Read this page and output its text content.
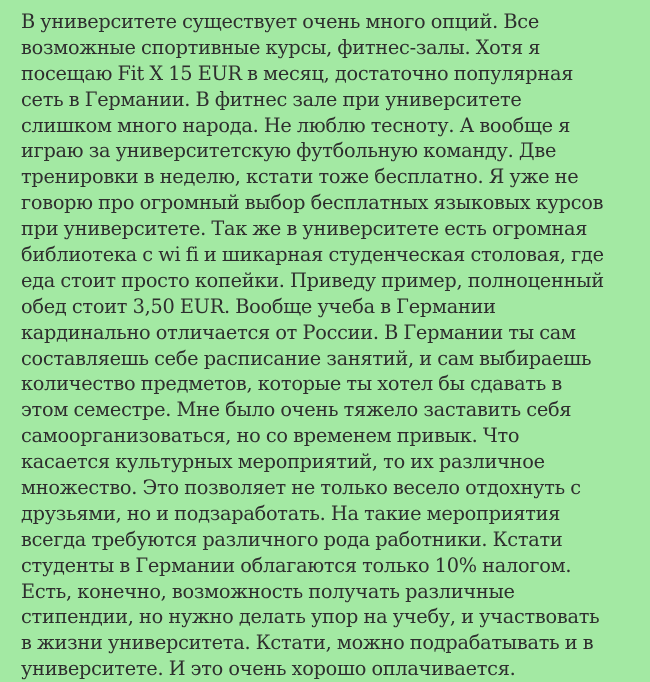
В университете существует очень много опций. Все
возможные спортивные курсы, фитнес-залы. Хотя я
посещаю Fit X 15 EUR в месяц, достаточно популярная
сеть в Германии. В фитнес зале при университете
слишком много народа. Не люблю тесноту. А вообще я
играю за университетскую футбольную команду. Две
тренировки в неделю, кстати тоже бесплатно. Я уже не
говорю про огромный выбор бесплатных языковых курсов
при университете. Так же в университете есть огромная
библиотека с wi fi и шикарная студенческая столовая, где
еда стоит просто копейки. Приведу пример, полноценный
обед стоит 3,50 EUR. Вообще учеба в Германии
кардинально отличается от России. В Германии ты сам
составляешь себе расписание занятий, и сам выбираешь
количество предметов, которые ты хотел бы сдавать в
этом семестре. Мне было очень тяжело заставить себя
самоорганизоваться, но со временем привык. Что
касается культурных мероприятий, то их различное
множество. Это позволяет не только весело отдохнуть с
друзьями, но и подзаработать. На такие мероприятия
всегда требуются различного рода работники. Кстати
студенты в Германии облагаются только 10% налогом.
Есть, конечно, возможность получать различные
стипендии, но нужно делать упор на учебу, и участвовать
в жизни университета. Кстати, можно подрабатывать и в
университете. И это очень хорошо оплачивается.
